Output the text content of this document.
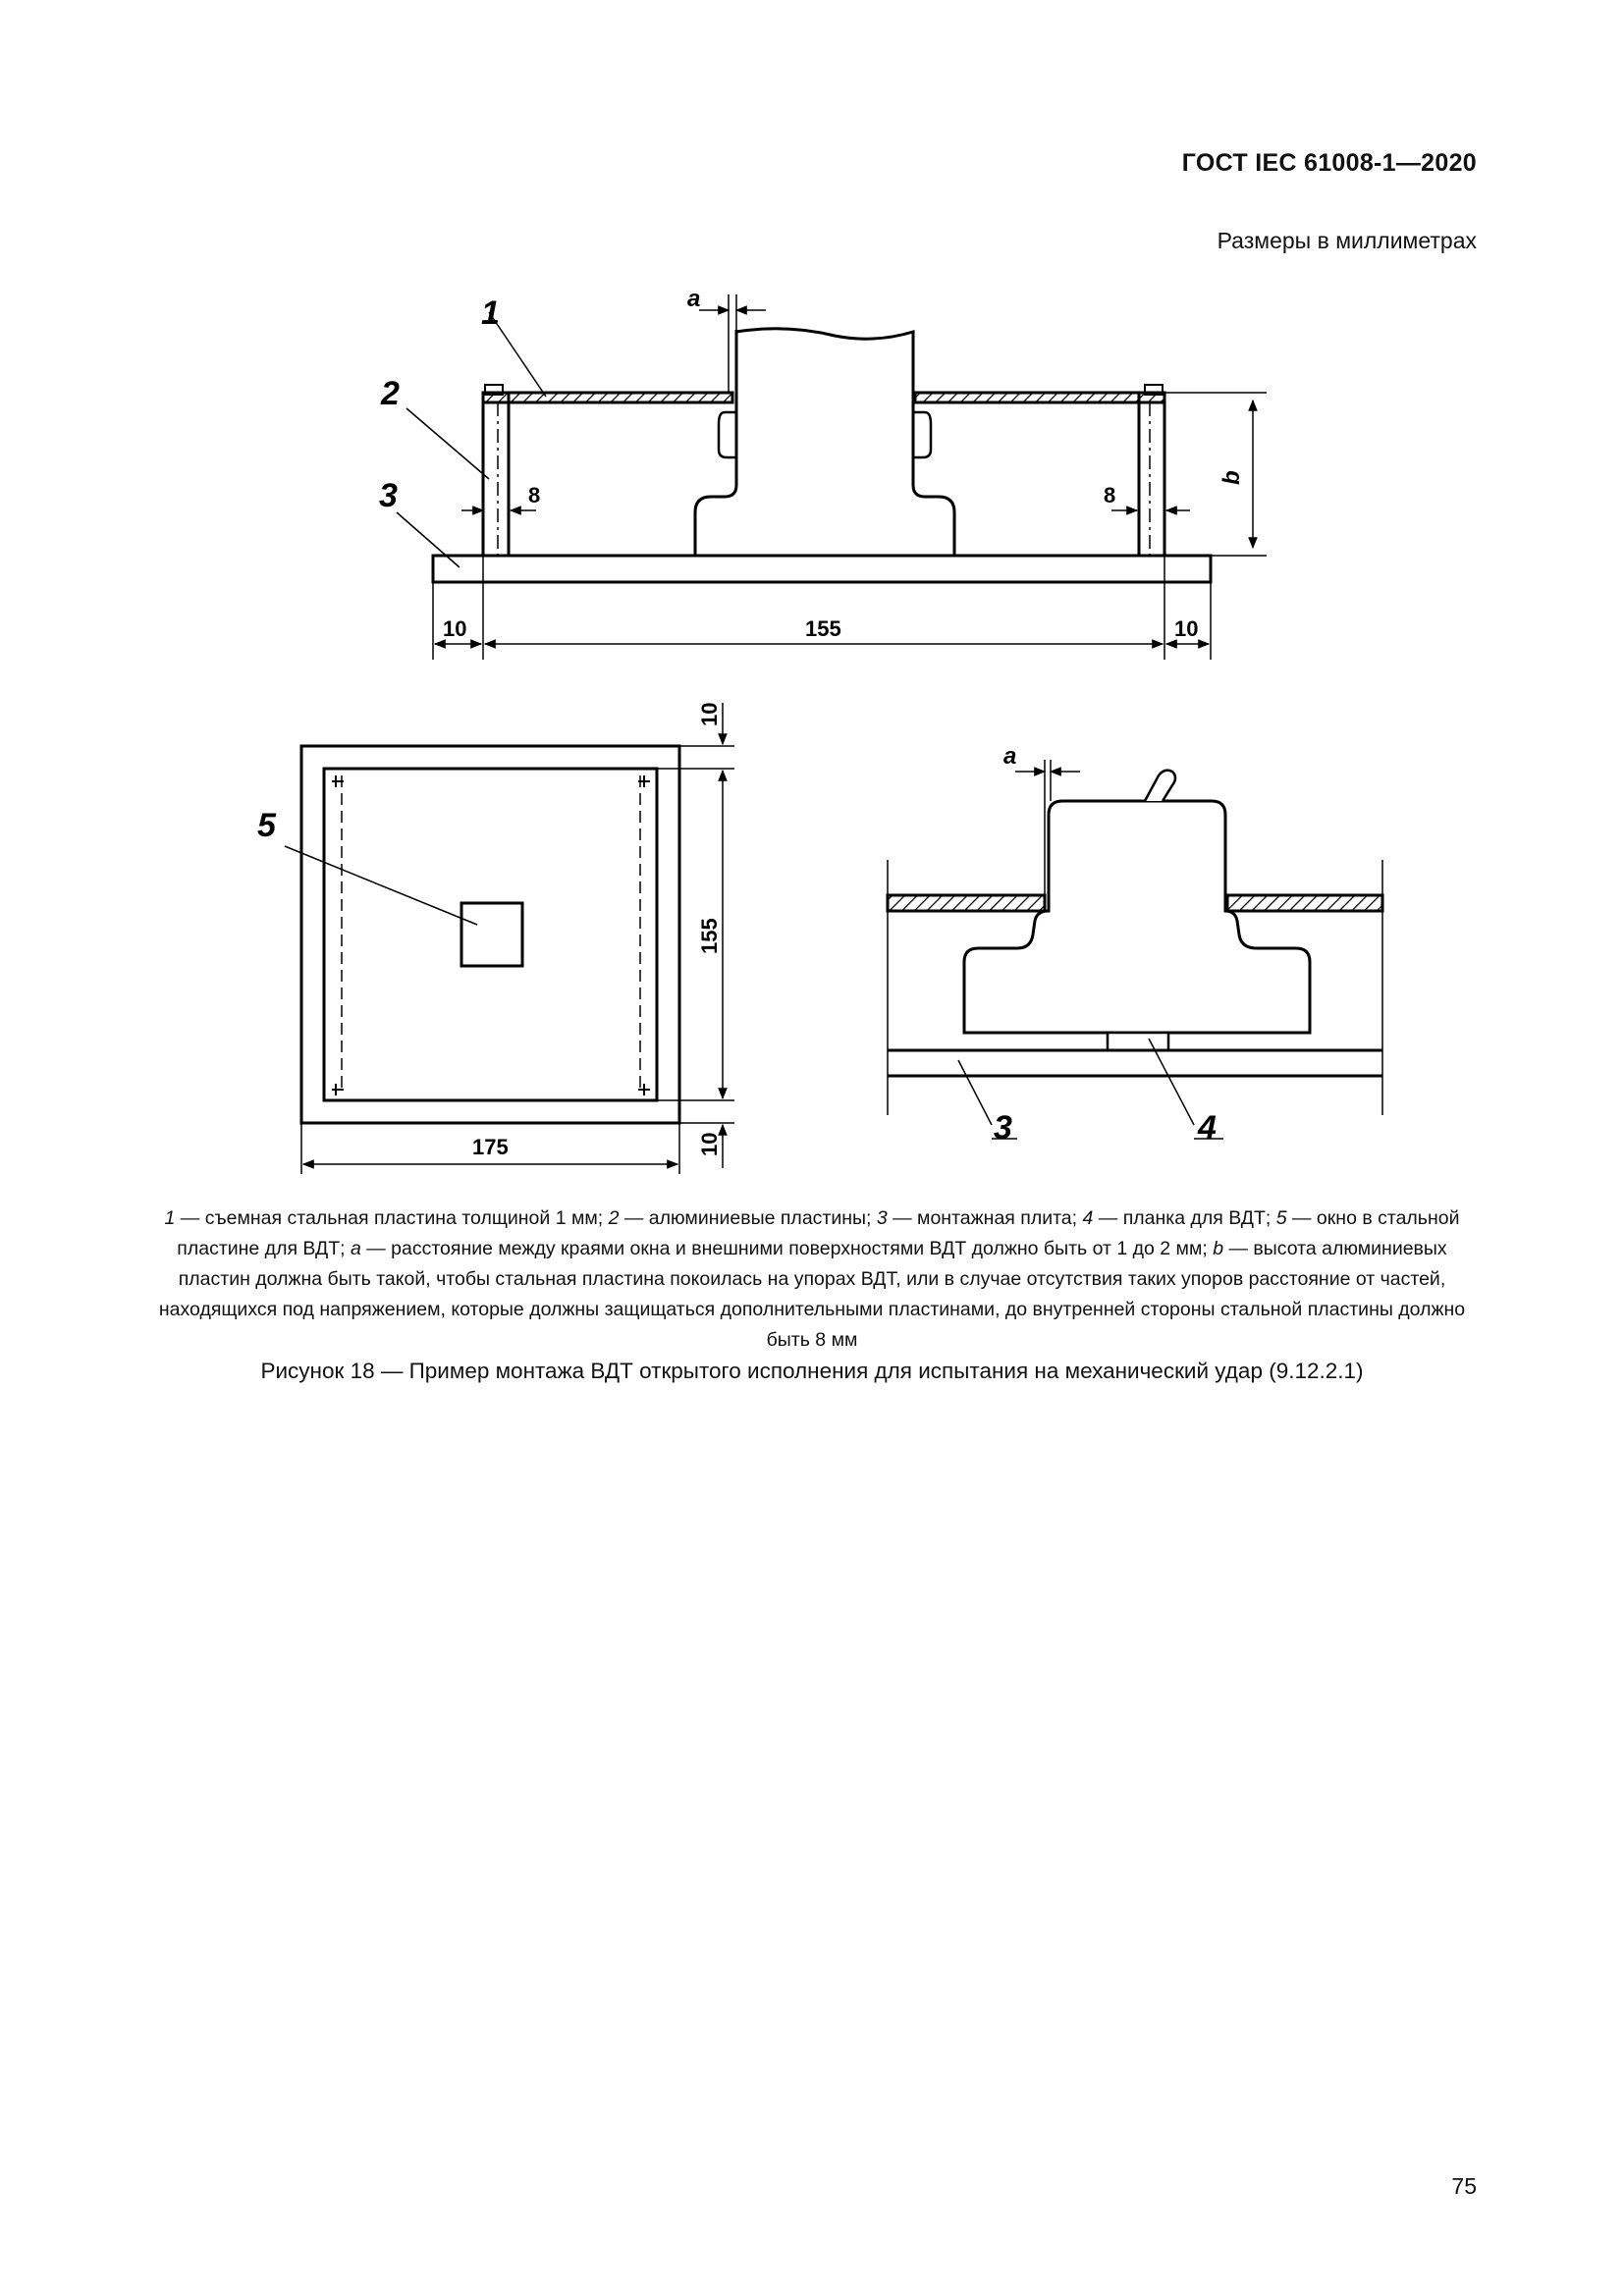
ГОСТ IEC 61008-1—2020
Размеры в миллиметрах
1
2
3
a
b
8	8
10	155	10
5
10
155
10
175
a
3	4
1 — съемная стальная пластина толщиной 1 мм; 2 — алюминиевые пластины; 3 — монтажная плита; 4 — планка для ВДТ; 5 — окно в стальной пластине для ВДТ; a — расстояние между краями окна и внешними поверхностями ВДТ должно быть от 1 до 2 мм; b — высота алюминиевых пластин должна быть такой, чтобы стальная пластина покоилась на упорах ВДТ, или в случае отсутствия таких упоров расстояние от частей, находящихся под напряжением, которые должны защищаться дополнительными пластинами, до внутренней стороны стальной пластины должно быть 8 мм
Рисунок 18 — Пример монтажа ВДТ открытого исполнения для испытания на механический удар (9.12.2.1)
75
